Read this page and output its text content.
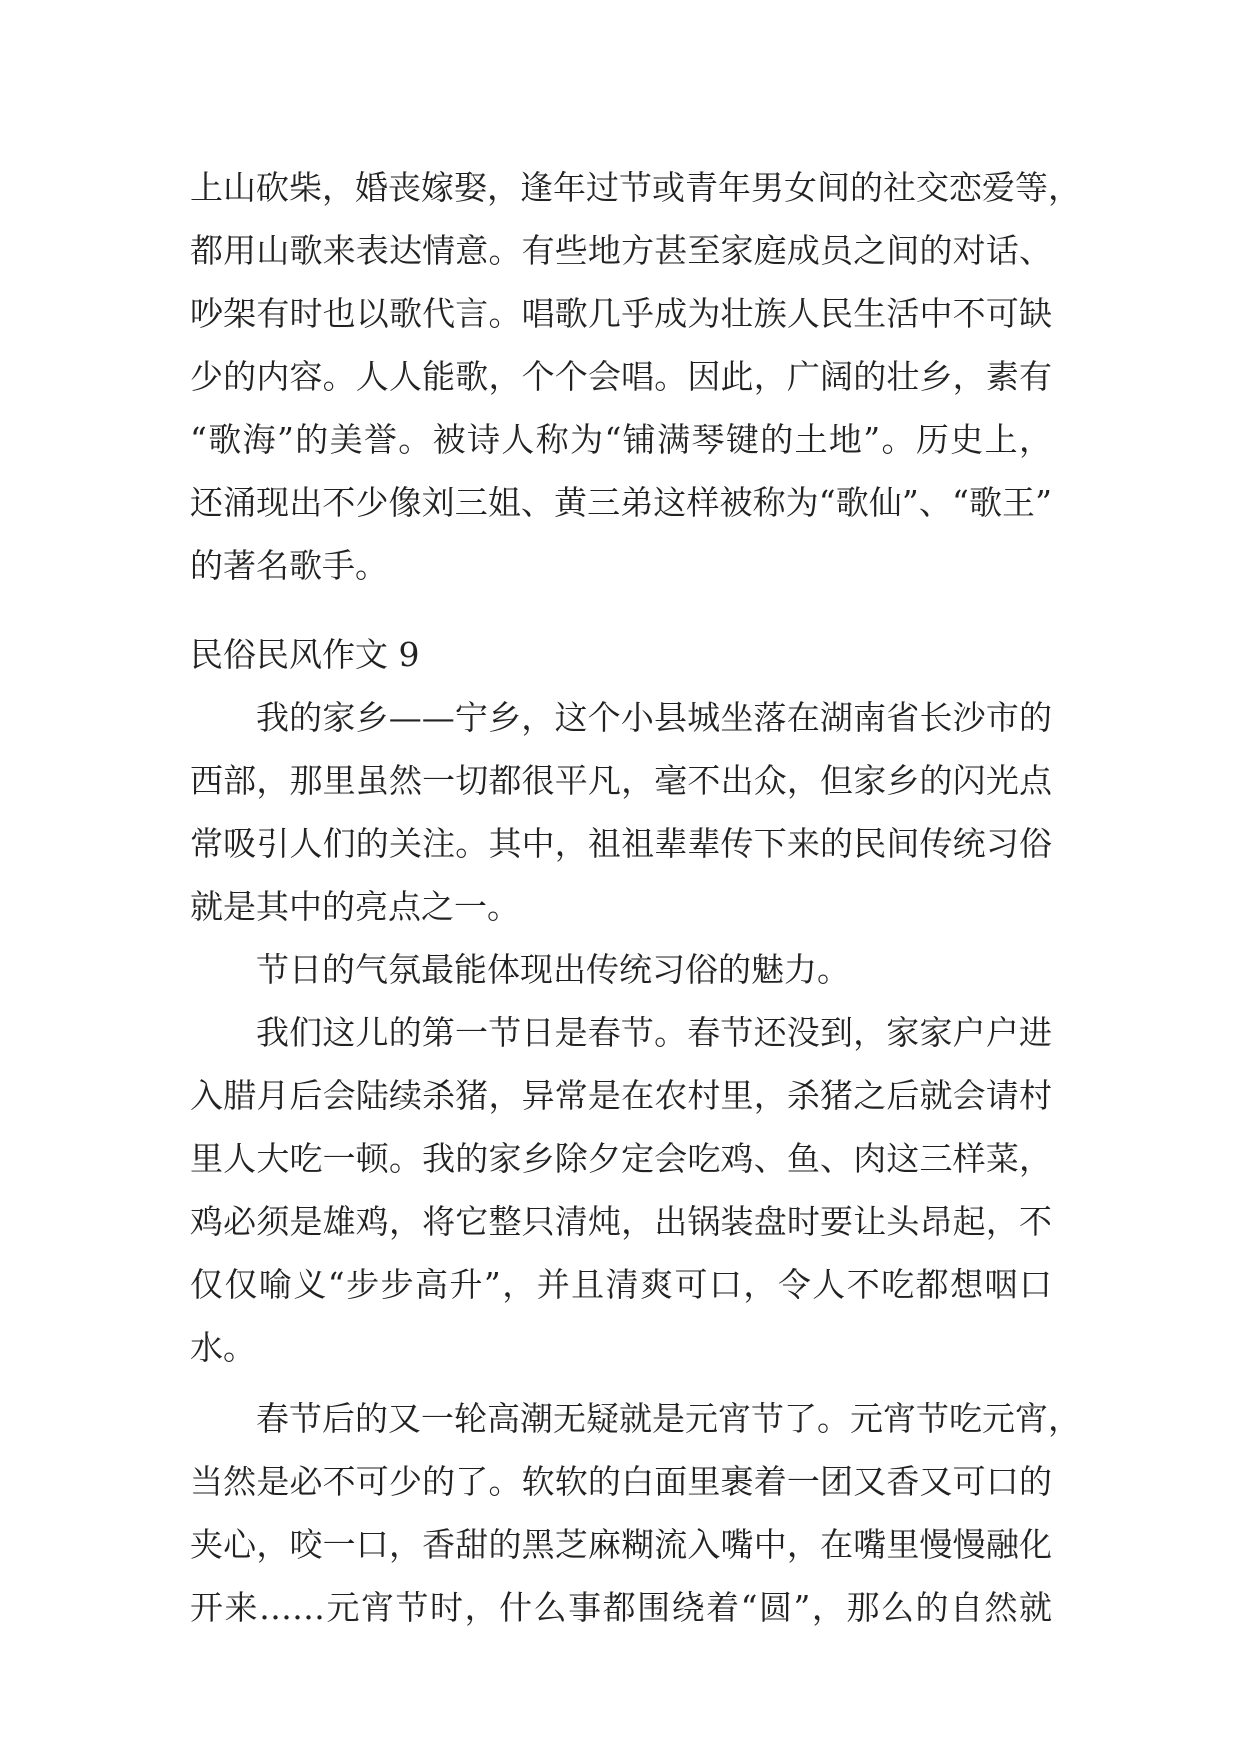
上山砍柴，婚丧嫁娶，逢年过节或青年男女间的社交恋爱等，
都用山歌来表达情意。有些地方甚至家庭成员之间的对话、
吵架有时也以歌代言。唱歌几乎成为壮族人民生活中不可缺
少的内容。人人能歌，个个会唱。因此，广阔的壮乡，素有
“歌海”的美誉。被诗人称为“铺满琴键的土地”。历史上，
还涌现出不少像刘三姐、黄三弟这样被称为“歌仙”、“歌王”
的著名歌手。
民俗民风作文 9
我的家乡——宁乡，这个小县城坐落在湖南省长沙市的
西部，那里虽然一切都很平凡，毫不出众，但家乡的闪光点
常吸引人们的关注。其中，祖祖辈辈传下来的民间传统习俗
就是其中的亮点之一。
节日的气氛最能体现出传统习俗的魅力。
我们这儿的第一节日是春节。春节还没到，家家户户进
入腊月后会陆续杀猪，异常是在农村里，杀猪之后就会请村
里人大吃一顿。我的家乡除夕定会吃鸡、鱼、肉这三样菜，
鸡必须是雄鸡，将它整只清炖，出锅装盘时要让头昂起，不
仅仅喻义“步步高升”，并且清爽可口，令人不吃都想咽口
水。
春节后的又一轮高潮无疑就是元宵节了。元宵节吃元宵，
当然是必不可少的了。软软的白面里裹着一团又香又可口的
夹心，咬一口，香甜的黑芝麻糊流入嘴中，在嘴里慢慢融化
开来……元宵节时，什么事都围绕着“圆”，那么的自然就
